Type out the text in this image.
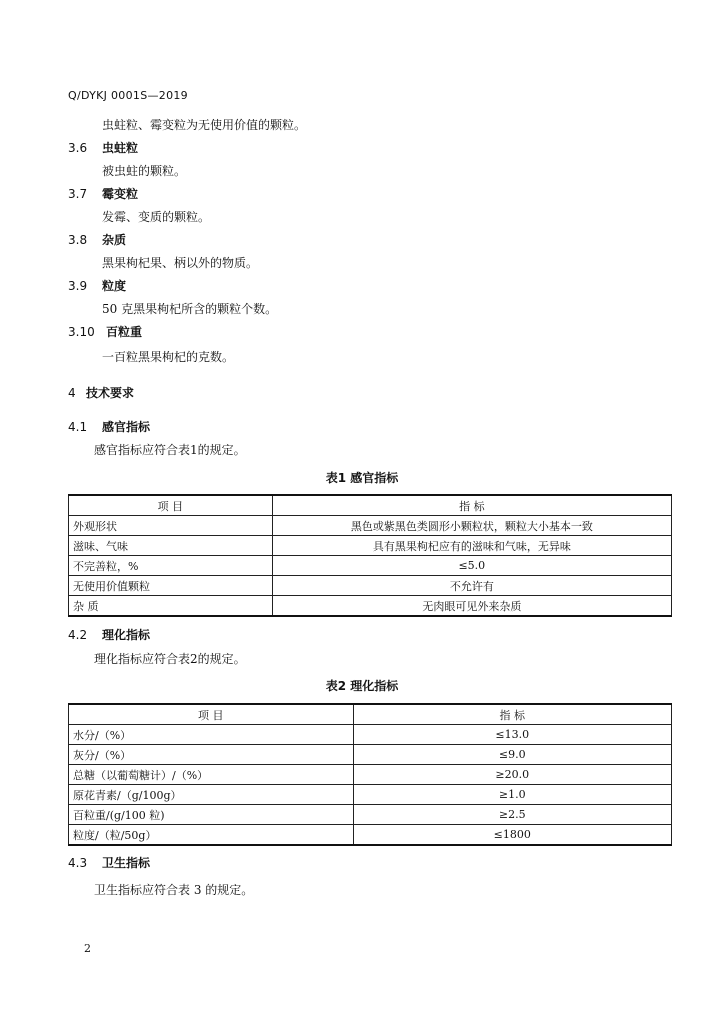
Q/DYKJ 0001S—2019
虫蛀粒、霉变粒为无使用价值的颗粒。
3.6 虫蛀粒
被虫蛀的颗粒。
3.7 霉变粒
发霉、变质的颗粒。
3.8 杂质
黑果枸杞果、柄以外的物质。
3.9 粒度
50 克黑果枸杞所含的颗粒个数。
3.10 百粒重
一百粒黑果枸杞的克数。
4 技术要求
4.1 感官指标
感官指标应符合表1的规定。
表1 感官指标
项 目	指 标
外观形状	黑色或紫黑色类圆形小颗粒状，颗粒大小基本一致
滋味、气味	具有黑果枸杞应有的滋味和气味，无异味
不完善粒，%	≤5.0
无使用价值颗粒	不允许有
杂 质	无肉眼可见外来杂质
4.2 理化指标
理化指标应符合表2的规定。
表2 理化指标
项 目	指 标
水分/（%）	≤13.0
灰分/（%）	≤9.0
总糖（以葡萄糖计）/（%）	≥20.0
原花青素/（g/100g）	≥1.0
百粒重/(g/100 粒)	≥2.5
粒度/（粒/50g）	≤1800
4.3 卫生指标
卫生指标应符合表 3 的规定。
2
